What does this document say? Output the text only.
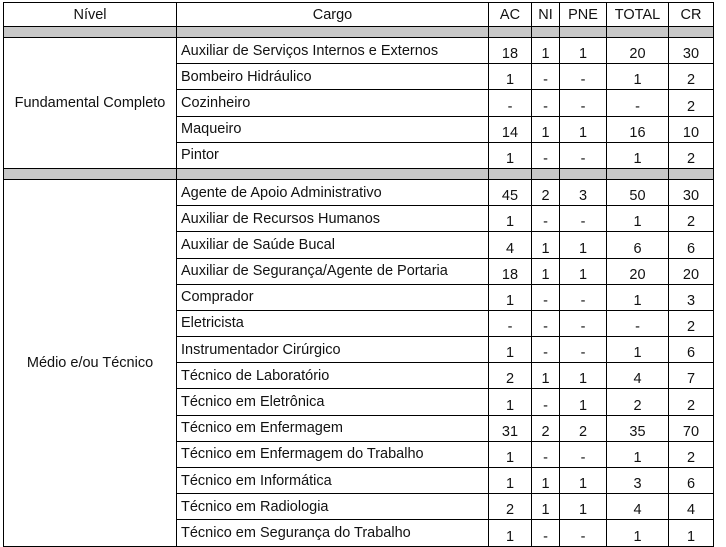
Nível	Cargo	AC	NI	PNE	TOTAL	CR

Fundamental Completo	Auxiliar de Serviços Internos e Externos	18	1	1	20	30
	Bombeiro Hidráulico	1	-	-	1	2
	Cozinheiro	-	-	-	-	2
	Maqueiro	14	1	1	16	10
	Pintor	1	-	-	1	2

Médio e/ou Técnico	Agente de Apoio Administrativo	45	2	3	50	30
	Auxiliar de Recursos Humanos	1	-	-	1	2
	Auxiliar de Saúde Bucal	4	1	1	6	6
	Auxiliar de Segurança/Agente de Portaria	18	1	1	20	20
	Comprador	1	-	-	1	3
	Eletricista	-	-	-	-	2
	Instrumentador Cirúrgico	1	-	-	1	6
	Técnico de Laboratório	2	1	1	4	7
	Técnico em Eletrônica	1	-	1	2	2
	Técnico em Enfermagem	31	2	2	35	70
	Técnico em Enfermagem do Trabalho	1	-	-	1	2
	Técnico em Informática	1	1	1	3	6
	Técnico em Radiologia	2	1	1	4	4
	Técnico em Segurança do Trabalho	1	-	-	1	1
